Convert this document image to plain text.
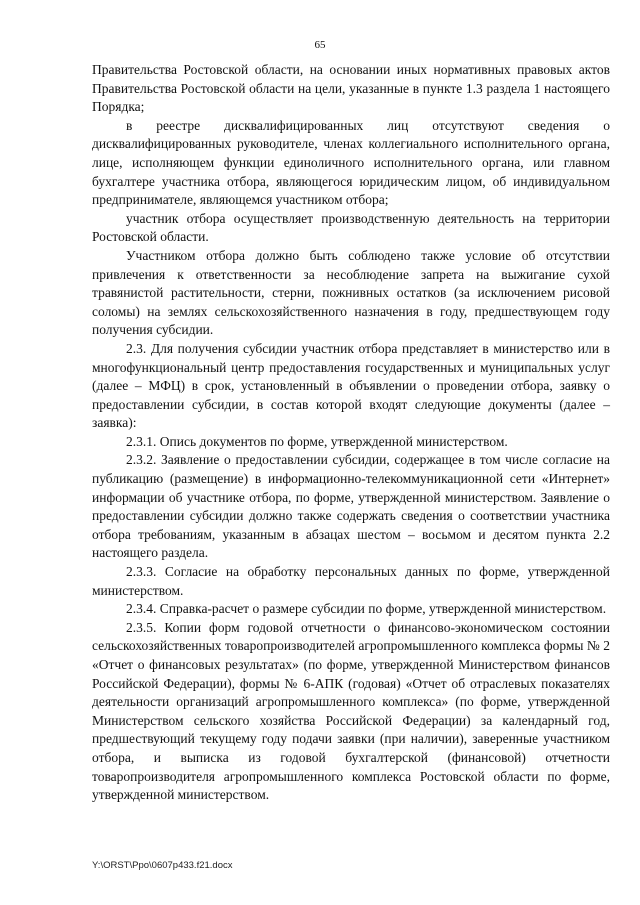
65

Правительства Ростовской области, на основании иных нормативных правовых актов Правительства Ростовской области на цели, указанные в пункте 1.3 раздела 1 настоящего Порядка;

в реестре дисквалифицированных лиц отсутствуют сведения о дисквалифицированных руководителе, членах коллегиального исполнительного органа, лице, исполняющем функции единоличного исполнительного органа, или главном бухгалтере участника отбора, являющегося юридическим лицом, об индивидуальном предпринимателе, являющемся участником отбора;

участник отбора осуществляет производственную деятельность на территории Ростовской области.

Участником отбора должно быть соблюдено также условие об отсутствии привлечения к ответственности за несоблюдение запрета на выжигание сухой травянистой растительности, стерни, пожнивных остатков (за исключением рисовой соломы) на землях сельскохозяйственного назначения в году, предшествующем году получения субсидии.

2.3. Для получения субсидии участник отбора представляет в министерство или в многофункциональный центр предоставления государственных и муниципальных услуг (далее – МФЦ) в срок, установленный в объявлении о проведении отбора, заявку о предоставлении субсидии, в состав которой входят следующие документы (далее – заявка):

2.3.1. Опись документов по форме, утвержденной министерством.

2.3.2. Заявление о предоставлении субсидии, содержащее в том числе согласие на публикацию (размещение) в информационно-телекоммуникационной сети «Интернет» информации об участнике отбора, по форме, утвержденной министерством. Заявление о предоставлении субсидии должно также содержать сведения о соответствии участника отбора требованиям, указанным в абзацах шестом – восьмом и десятом пункта 2.2 настоящего раздела.

2.3.3. Согласие на обработку персональных данных по форме, утвержденной министерством.

2.3.4. Справка-расчет о размере субсидии по форме, утвержденной министерством.

2.3.5. Копии форм годовой отчетности о финансово-экономическом состоянии сельскохозяйственных товаропроизводителей агропромышленного комплекса формы № 2 «Отчет о финансовых результатах» (по форме, утвержденной Министерством финансов Российской Федерации), формы № 6-АПК (годовая) «Отчет об отраслевых показателях деятельности организаций агропромышленного комплекса» (по форме, утвержденной Министерством сельского хозяйства Российской Федерации) за календарный год, предшествующий текущему году подачи заявки (при наличии), заверенные участником отбора, и выписка из годовой бухгалтерской (финансовой) отчетности товаропроизводителя агропромышленного комплекса Ростовской области по форме, утвержденной министерством.

Y:\ORST\Ppo\0607p433.f21.docx
